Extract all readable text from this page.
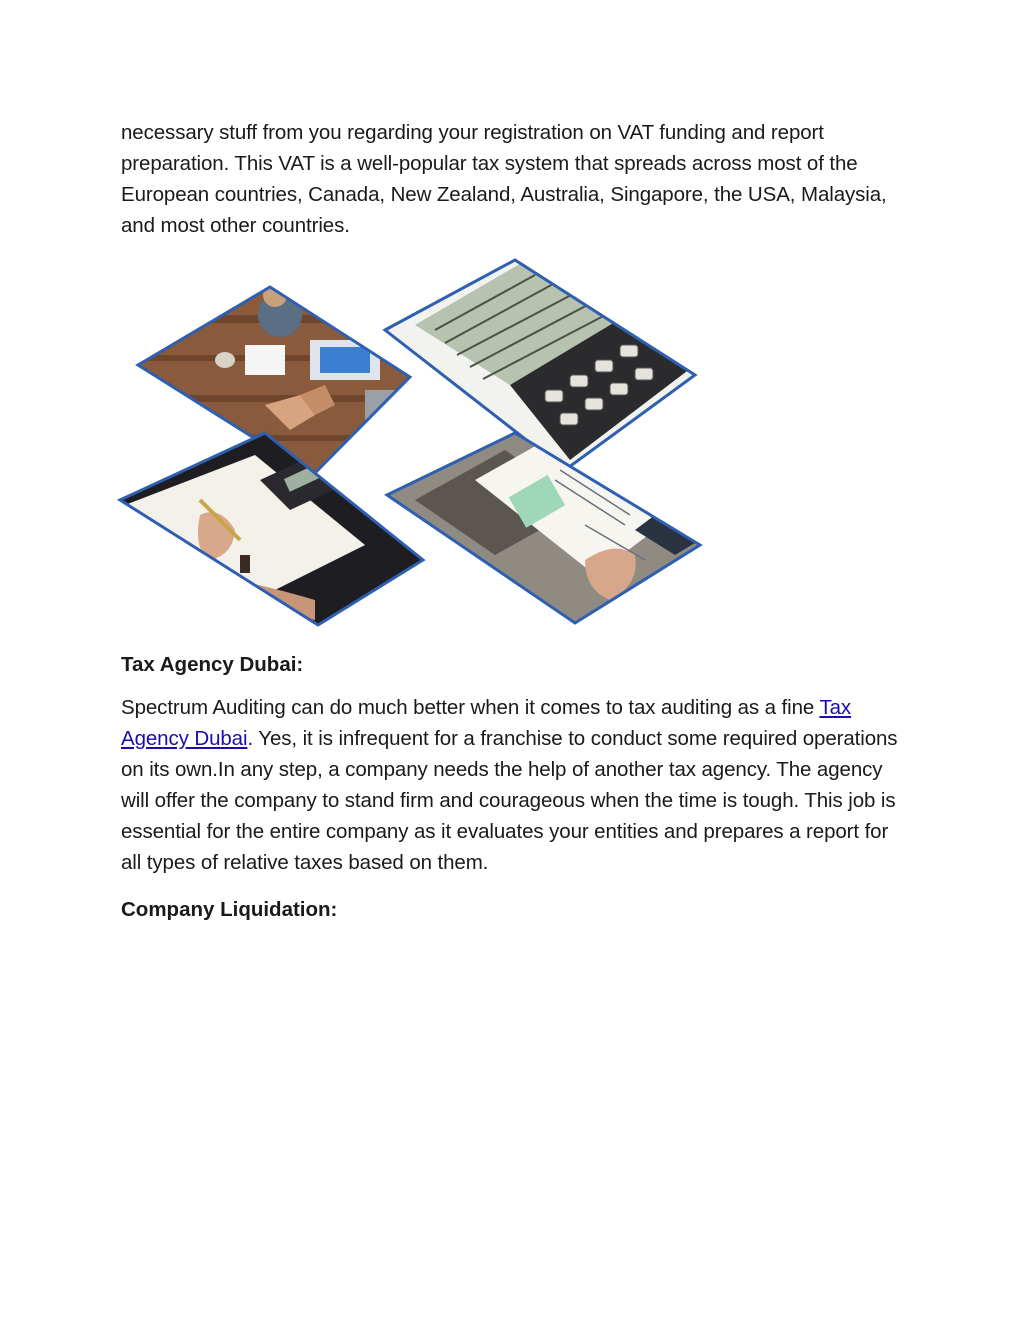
necessary stuff from you regarding your registration on VAT funding and report preparation. This VAT is a well-popular tax system that spreads across most of the European countries, Canada, New Zealand, Australia, Singapore, the USA, Malaysia, and most other countries.

Tax Agency Dubai:

Spectrum Auditing can do much better when it comes to tax auditing as a fine Tax Agency Dubai. Yes, it is infrequent for a franchise to conduct some required operations on its own.In any step, a company needs the help of another tax agency. The agency will offer the company to stand firm and courageous when the time is tough. This job is essential for the entire company as it evaluates your entities and prepares a report for all types of relative taxes based on them.

Company Liquidation:
